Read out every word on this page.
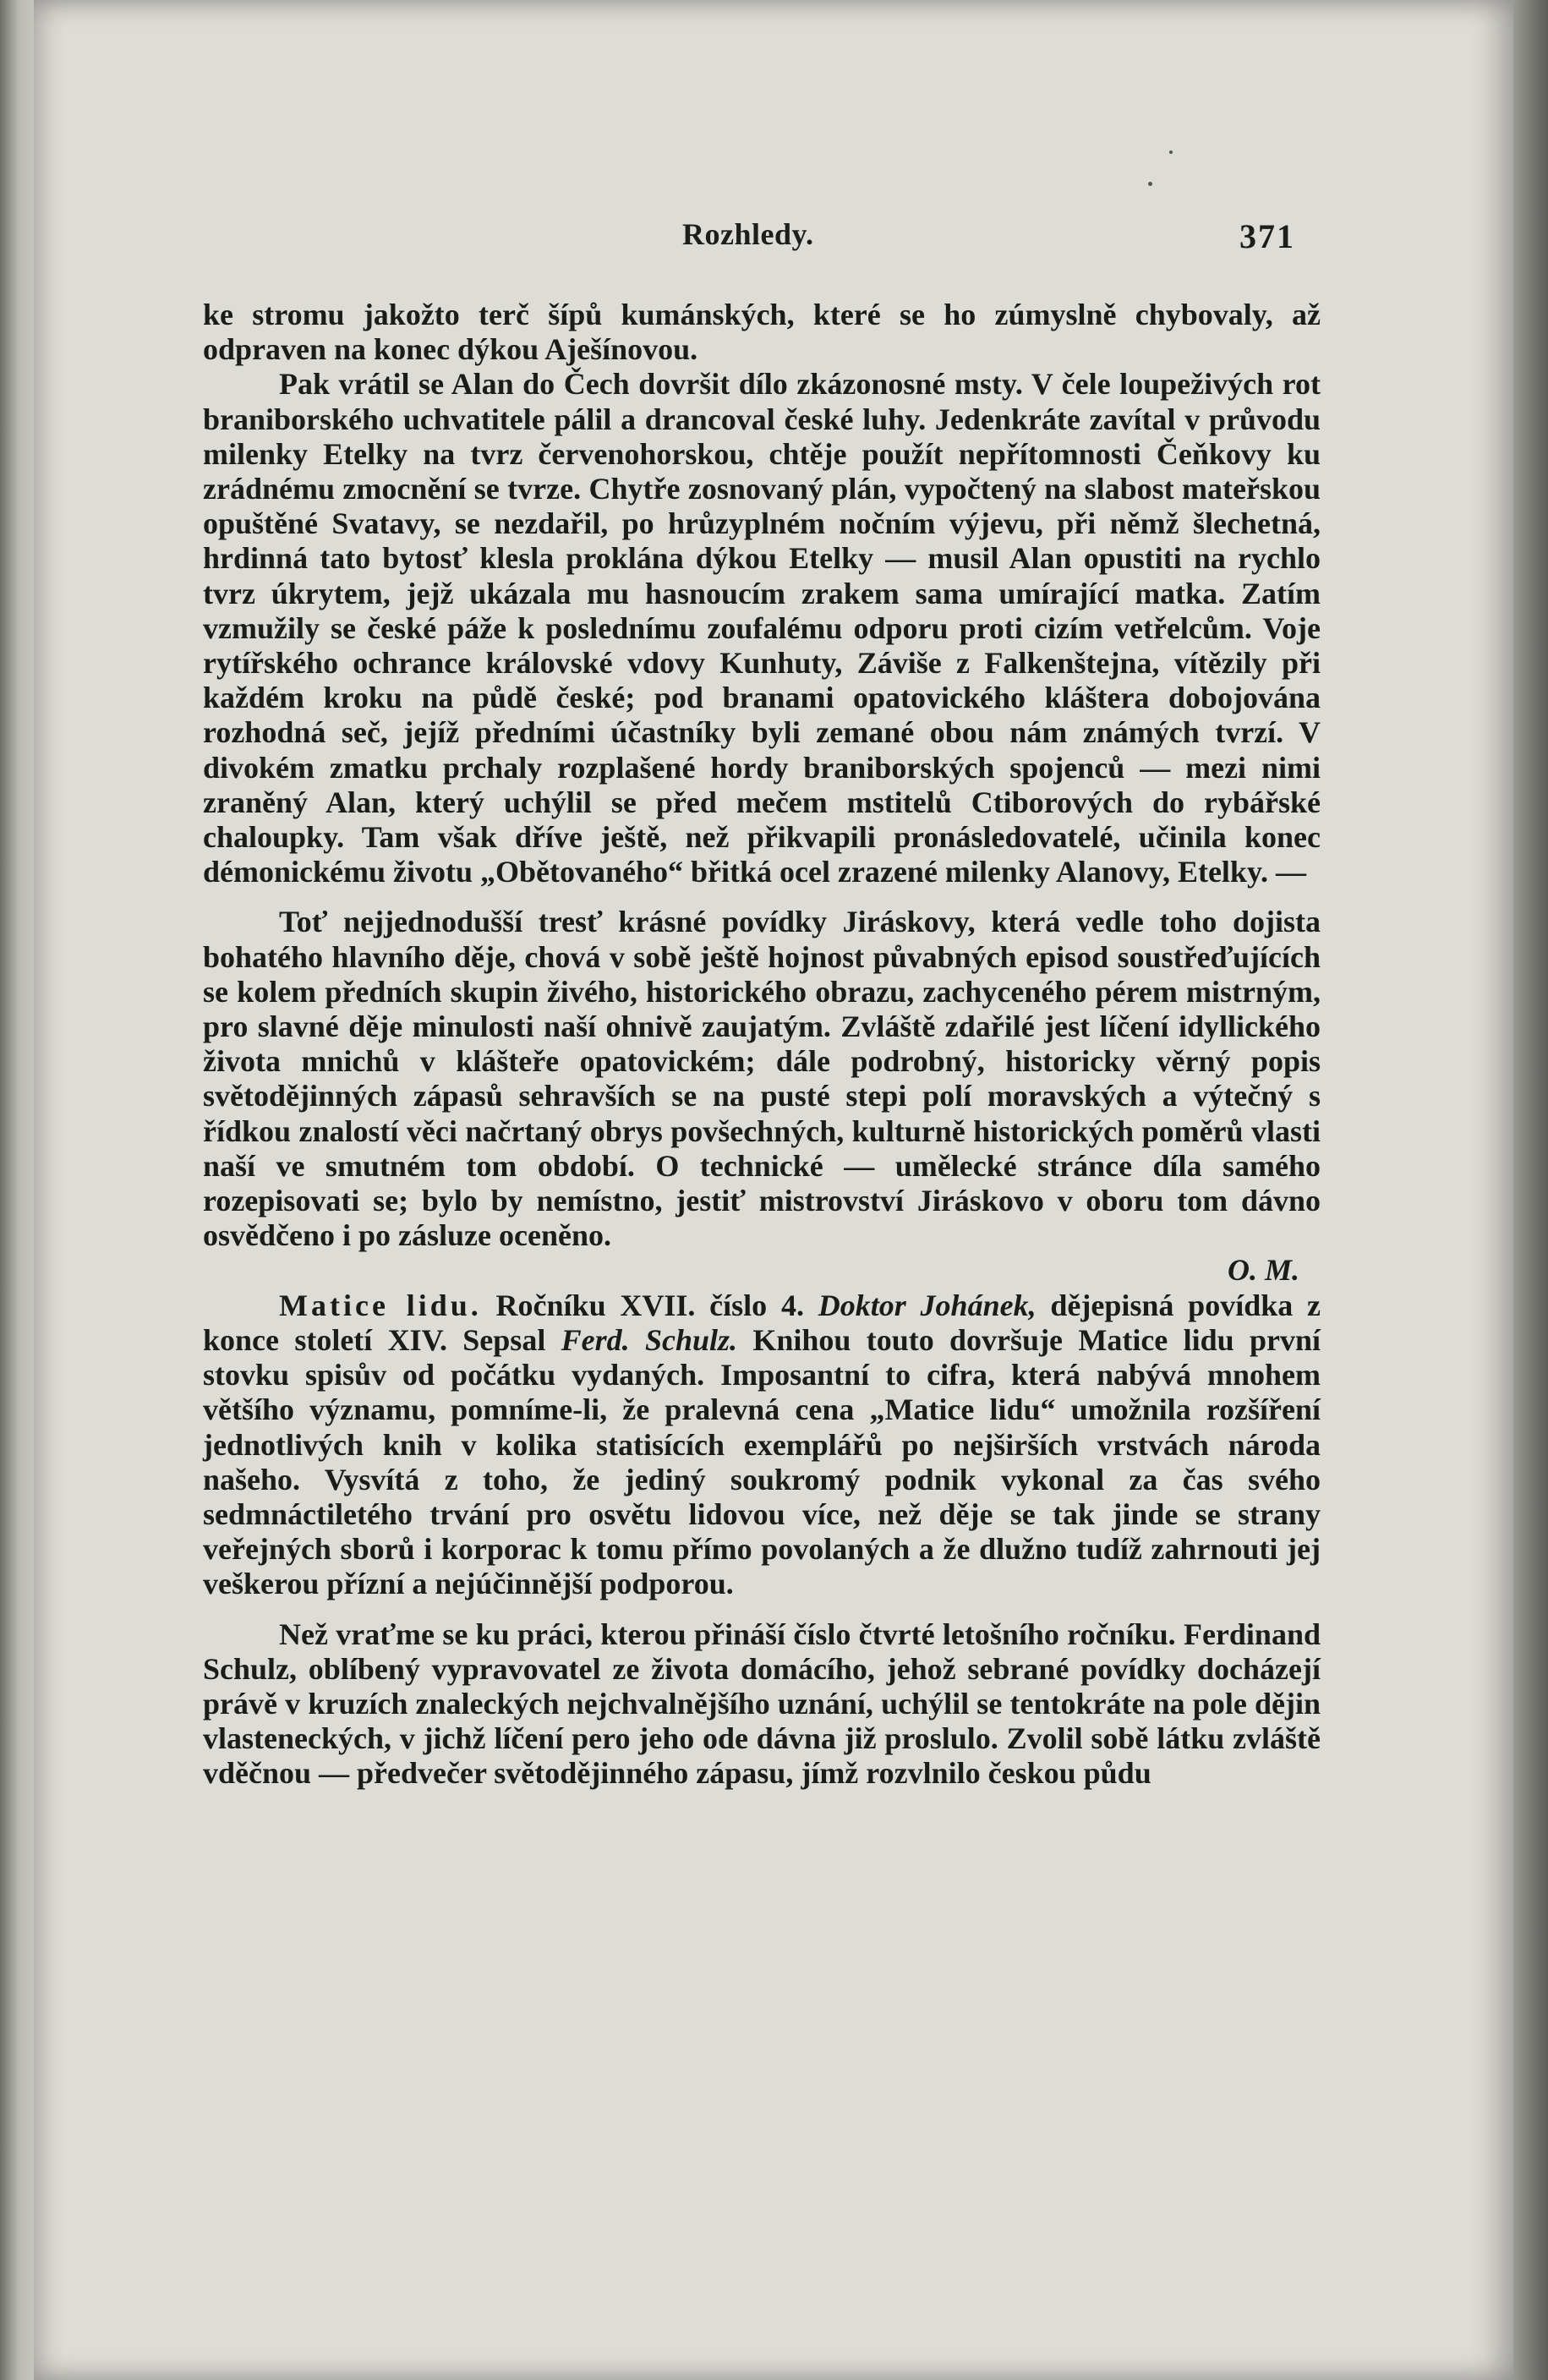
Rozhledy.	371

ke stromu jakožto terč šípů kumánských, které se ho zúmyslně chybovaly, až odpraven na konec dýkou Aješínovou.

Pak vrátil se Alan do Čech dovršit dílo zkázonosné msty. V čele loupeživých rot braniborského uchvatitele pálil a drancoval české luhy. Jedenkráte zavítal v průvodu milenky Etelky na tvrz červenohorskou, chtěje použít nepřítomnosti Čeňkovy ku zrádnému zmocnění se tvrze. Chytře zosnovaný plán, vypočtený na slabost mateřskou opuštěné Svatavy, se nezdařil, po hrůzyplném nočním výjevu, při němž šlechetná, hrdinná tato bytosť klesla proklána dýkou Etelky — musil Alan opustiti na rychlo tvrz úkrytem, jejž ukázala mu hasnoucím zrakem sama umírající matka. Zatím vzmužily se české páže k poslednímu zoufalému odporu proti cizím vetřelcům. Voje rytířského ochrance královské vdovy Kunhuty, Záviše z Falkenštejna, vítězily při každém kroku na půdě české; pod branami opatovického kláštera dobojována rozhodná seč, jejíž předními účastníky byli zemané obou nám známých tvrzí. V divokém zmatku prchaly rozplašené hordy braniborských spojenců — mezi nimi zraněný Alan, který uchýlil se před mečem mstitelů Ctiborových do rybářské chaloupky. Tam však dříve ještě, než přikvapili pronásledovatelé, učinila konec démonickému životu „Obětovaného“ břitká ocel zrazené milenky Alanovy, Etelky. —

Toť nejjednodušší tresť krásné povídky Jiráskovy, která vedle toho dojista bohatého hlavního děje, chová v sobě ještě hojnost půvabných episod soustřeďujících se kolem předních skupin živého, historického obrazu, zachyceného pérem mistrným, pro slavné děje minulosti naší ohnivě zaujatým. Zvláště zdařilé jest líčení idyllického života mnichů v klášteře opatovickém; dále podrobný, historicky věrný popis světodějinných zápasů sehravších se na pusté stepi polí moravských a výtečný s řídkou znalostí věci načrtaný obrys povšechných, kulturně historických poměrů vlasti naší ve smutném tom období. O technické — umělecké stránce díla samého rozepisovati se; bylo by nemístno, jestiť mistrovství Jiráskovo v oboru tom dávno osvědčeno i po zásluze oceněno.

O. M.

Matice lidu. Ročníku XVII. číslo 4. Doktor Johánek, dějepisná povídka z konce století XIV. Sepsal Ferd. Schulz. Knihou touto dovršuje Matice lidu první stovku spisův od počátku vydaných. Imposantní to cifra, která nabývá mnohem většího významu, pomníme-li, že pralevná cena „Matice lidu“ umožnila rozšíření jednotlivých knih v kolika statisících exemplářů po nejširších vrstvách národa našeho. Vysvítá z toho, že jediný soukromý podnik vykonal za čas svého sedmnáctiletého trvání pro osvětu lidovou více, než děje se tak jinde se strany veřejných sborů i korporac k tomu přímo povolaných a že dlužno tudíž zahrnouti jej veškerou přízní a nejúčinnější podporou.

Než vraťme se ku práci, kterou přináší číslo čtvrté letošního ročníku. Ferdinand Schulz, oblíbený vypravovatel ze života domácího, jehož sebrané povídky docházejí právě v kruzích znaleckých nejchvalnějšího uznání, uchýlil se tentokráte na pole dějin vlasteneckých, v jichž líčení pero jeho ode dávna již proslulo. Zvolil sobě látku zvláště vděčnou — předvečer světodějinného zápasu, jímž rozvlnilo českou půdu
